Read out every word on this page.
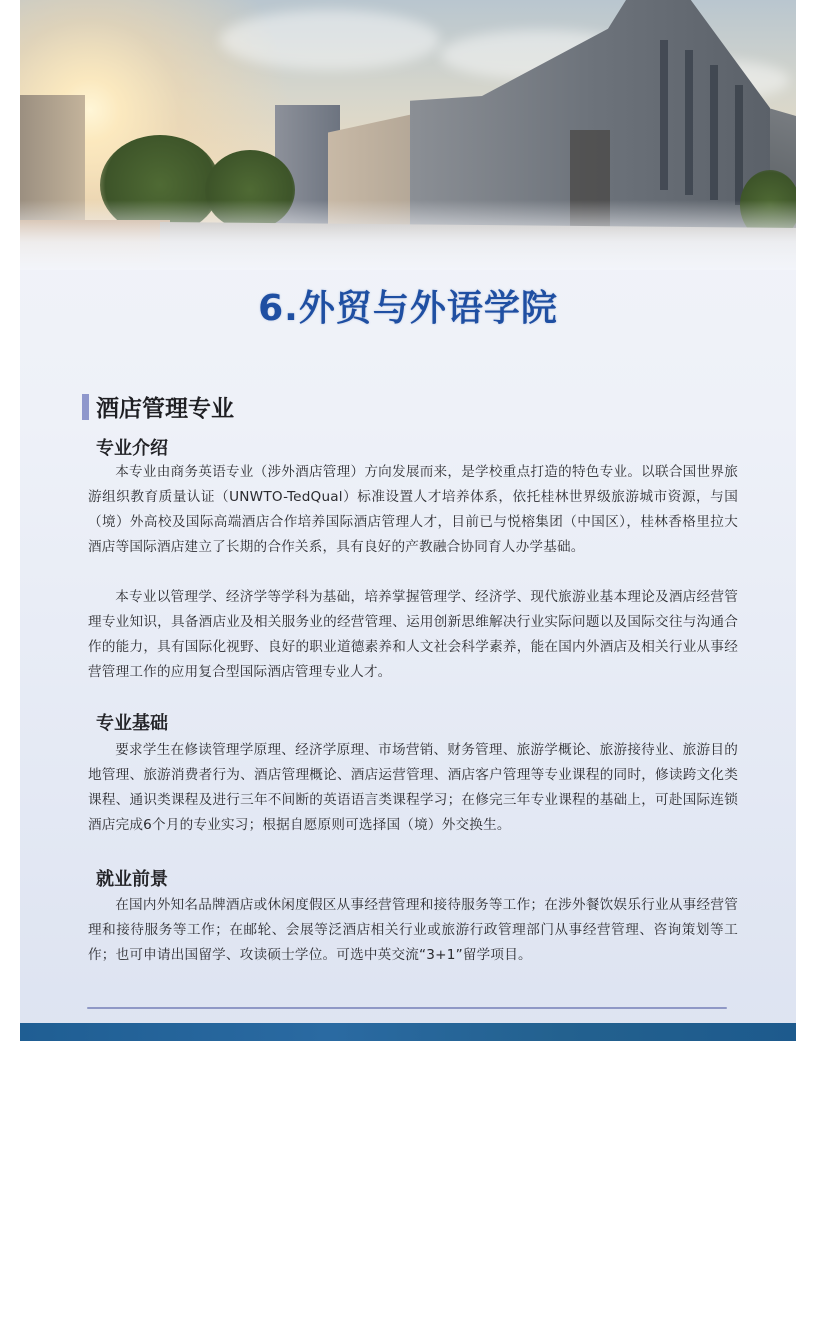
6.外贸与外语学院
酒店管理专业
专业介绍
本专业由商务英语专业（涉外酒店管理）方向发展而来，是学校重点打造的特色专业。以联合国世界旅游组织教育质量认证（UNWTO-TedQual）标准设置人才培养体系，依托桂林世界级旅游城市资源，与国（境）外高校及国际高端酒店合作培养国际酒店管理人才，目前已与悦榕集团（中国区），桂林香格里拉大酒店等国际酒店建立了长期的合作关系，具有良好的产教融合协同育人办学基础。
本专业以管理学、经济学等学科为基础，培养掌握管理学、经济学、现代旅游业基本理论及酒店经营管理专业知识，具备酒店业及相关服务业的经营管理、运用创新思维解决行业实际问题以及国际交往与沟通合作的能力，具有国际化视野、良好的职业道德素养和人文社会科学素养，能在国内外酒店及相关行业从事经营管理工作的应用复合型国际酒店管理专业人才。
专业基础
要求学生在修读管理学原理、经济学原理、市场营销、财务管理、旅游学概论、旅游接待业、旅游目的地管理、旅游消费者行为、酒店管理概论、酒店运营管理、酒店客户管理等专业课程的同时，修读跨文化类课程、通识类课程及进行三年不间断的英语语言类课程学习；在修完三年专业课程的基础上，可赴国际连锁酒店完成6个月的专业实习；根据自愿原则可选择国（境）外交换生。
就业前景
在国内外知名品牌酒店或休闲度假区从事经营管理和接待服务等工作；在涉外餐饮娱乐行业从事经营管理和接待服务等工作；在邮轮、会展等泛酒店相关行业或旅游行政管理部门从事经营管理、咨询策划等工作；也可申请出国留学、攻读硕士学位。可选中英交流“3+1”留学项目。
